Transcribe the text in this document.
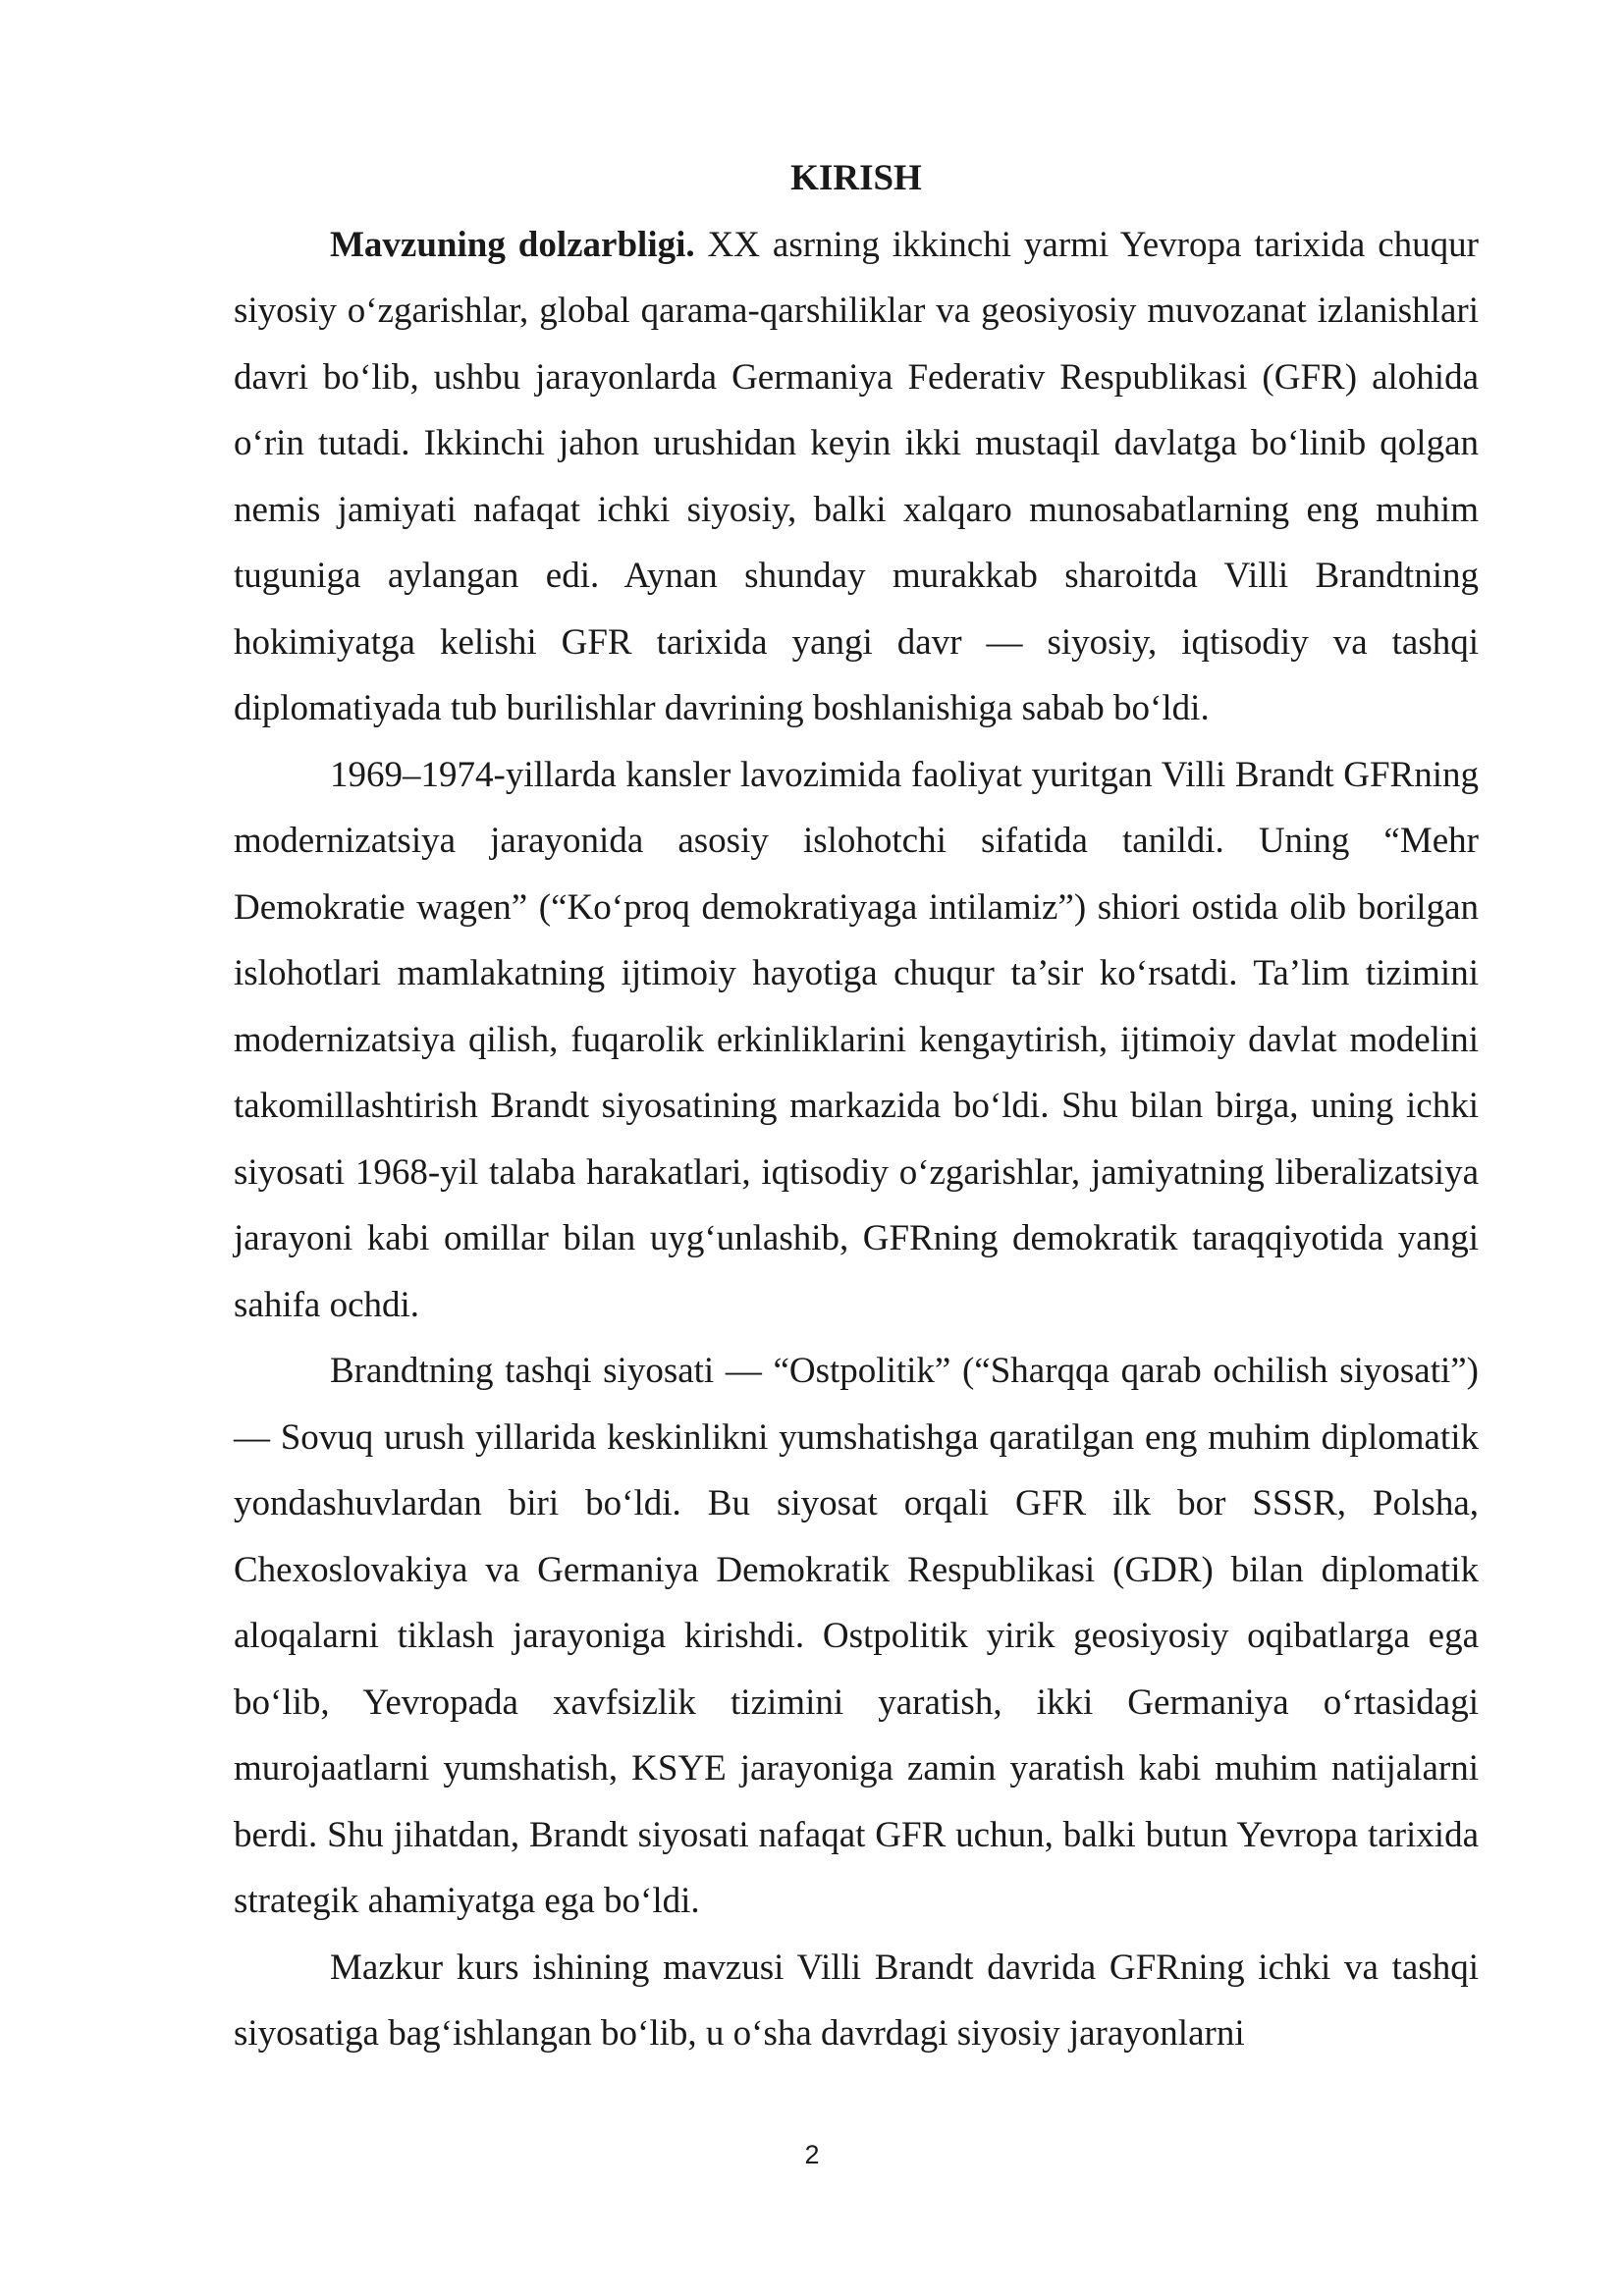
KIRISH

Mavzuning dolzarbligi. XX asrning ikkinchi yarmi Yevropa tarixida chuqur siyosiy o‘zgarishlar, global qarama-qarshiliklar va geosiyosiy muvozanat izlanishlari davri bo‘lib, ushbu jarayonlarda Germaniya Federativ Respublikasi (GFR) alohida o‘rin tutadi. Ikkinchi jahon urushidan keyin ikki mustaqil davlatga bo‘linib qolgan nemis jamiyati nafaqat ichki siyosiy, balki xalqaro munosabatlarning eng muhim tuguniga aylangan edi. Aynan shunday murakkab sharoitda Villi Brandtning hokimiyatga kelishi GFR tarixida yangi davr — siyosiy, iqtisodiy va tashqi diplomatiyada tub burilishlar davrining boshlanishiga sabab bo‘ldi.

1969–1974-yillarda kansler lavozimida faoliyat yuritgan Villi Brandt GFRning modernizatsiya jarayonida asosiy islohotchi sifatida tanildi. Uning “Mehr Demokratie wagen” (“Ko‘proq demokratiyaga intilamiz”) shiori ostida olib borilgan islohotlari mamlakatning ijtimoiy hayotiga chuqur ta’sir ko‘rsatdi. Ta’lim tizimini modernizatsiya qilish, fuqarolik erkinliklarini kengaytirish, ijtimoiy davlat modelini takomillashtirish Brandt siyosatining markazida bo‘ldi. Shu bilan birga, uning ichki siyosati 1968-yil talaba harakatlari, iqtisodiy o‘zgarishlar, jamiyatning liberalizatsiya jarayoni kabi omillar bilan uyg‘unlashib, GFRning demokratik taraqqiyotida yangi sahifa ochdi.

Brandtning tashqi siyosati — “Ostpolitik” (“Sharqqa qarab ochilish siyosati”) — Sovuq urush yillarida keskinlikni yumshatishga qaratilgan eng muhim diplomatik yondashuvlardan biri bo‘ldi. Bu siyosat orqali GFR ilk bor SSSR, Polsha, Chexoslovakiya va Germaniya Demokratik Respublikasi (GDR) bilan diplomatik aloqalarni tiklash jarayoniga kirishdi. Ostpolitik yirik geosiyosiy oqibatlarga ega bo‘lib, Yevropada xavfsizlik tizimini yaratish, ikki Germaniya o‘rtasidagi murojaatlarni yumshatish, KSYE jarayoniga zamin yaratish kabi muhim natijalarni berdi. Shu jihatdan, Brandt siyosati nafaqat GFR uchun, balki butun Yevropa tarixida strategik ahamiyatga ega bo‘ldi.

Mazkur kurs ishining mavzusi Villi Brandt davrida GFRning ichki va tashqi siyosatiga bag‘ishlangan bo‘lib, u o‘sha davrdagi siyosiy jarayonlarni

2
